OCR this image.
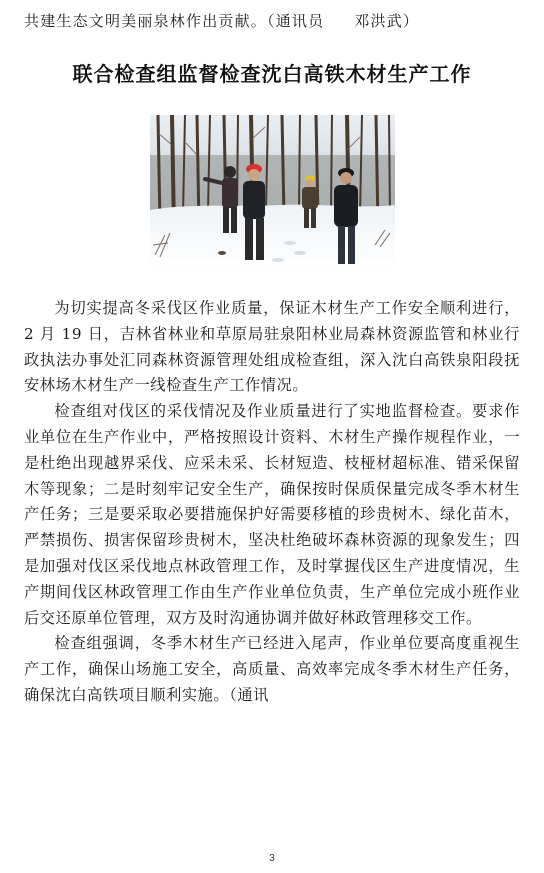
共建生态文明美丽泉林作出贡献。（通讯员 邓洪武）
联合检查组监督检查沈白高铁木材生产工作

为切实提高冬采伐区作业质量，保证木材生产工作安全顺利进行，2 月 19 日，吉林省林业和草原局驻泉阳林业局森林资源监管和林业行政执法办事处汇同森林资源管理处组成检查组，深入沈白高铁泉阳段抚安林场木材生产一线检查生产工作情况。

检查组对伐区的采伐情况及作业质量进行了实地监督检查。要求作业单位在生产作业中，严格按照设计资料、木材生产操作规程作业，一是杜绝出现越界采伐、应采未采、长材短造、枝桠材超标准、错采保留木等现象；二是时刻牢记安全生产，确保按时保质保量完成冬季木材生产任务；三是要采取必要措施保护好需要移植的珍贵树木、绿化苗木，严禁损伤、损害保留珍贵树木，坚决杜绝破坏森林资源的现象发生；四是加强对伐区采伐地点林政管理工作，及时掌握伐区生产进度情况，生产期间伐区林政管理工作由生产作业单位负责，生产单位完成小班作业后交还原单位管理，双方及时沟通协调并做好林政管理移交工作。

检查组强调，冬季木材生产已经进入尾声，作业单位要高度重视生产工作，确保山场施工安全，高质量、高效率完成冬季木材生产任务，确保沈白高铁项目顺利实施。（通讯

3
